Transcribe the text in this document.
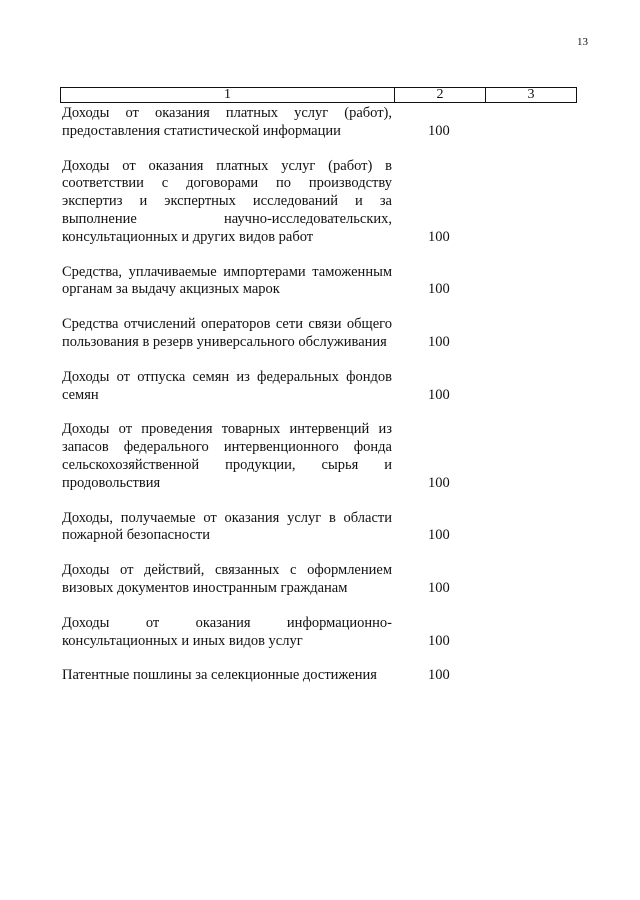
13
1	2	3

Доходы от оказания платных услуг (работ), предоставления статистической информации	100

Доходы от оказания платных услуг (работ) в соответствии с договорами по производству экспертиз и экспертных исследований и за выполнение научно-исследовательских, консультационных и других видов работ	100

Средства, уплачиваемые импортерами таможенным органам за выдачу акцизных марок	100

Средства отчислений операторов сети связи общего пользования в резерв универсального обслуживания	100

Доходы от отпуска семян из федеральных фондов семян	100

Доходы от проведения товарных интервенций из запасов федерального интервенционного фонда сельскохозяйственной продукции, сырья и продовольствия	100

Доходы, получаемые от оказания услуг в области пожарной безопасности	100

Доходы от действий, связанных с оформлением визовых документов иностранным гражданам	100

Доходы от оказания информационно-консультационных и иных видов услуг	100

Патентные пошлины за селекционные достижения	100
